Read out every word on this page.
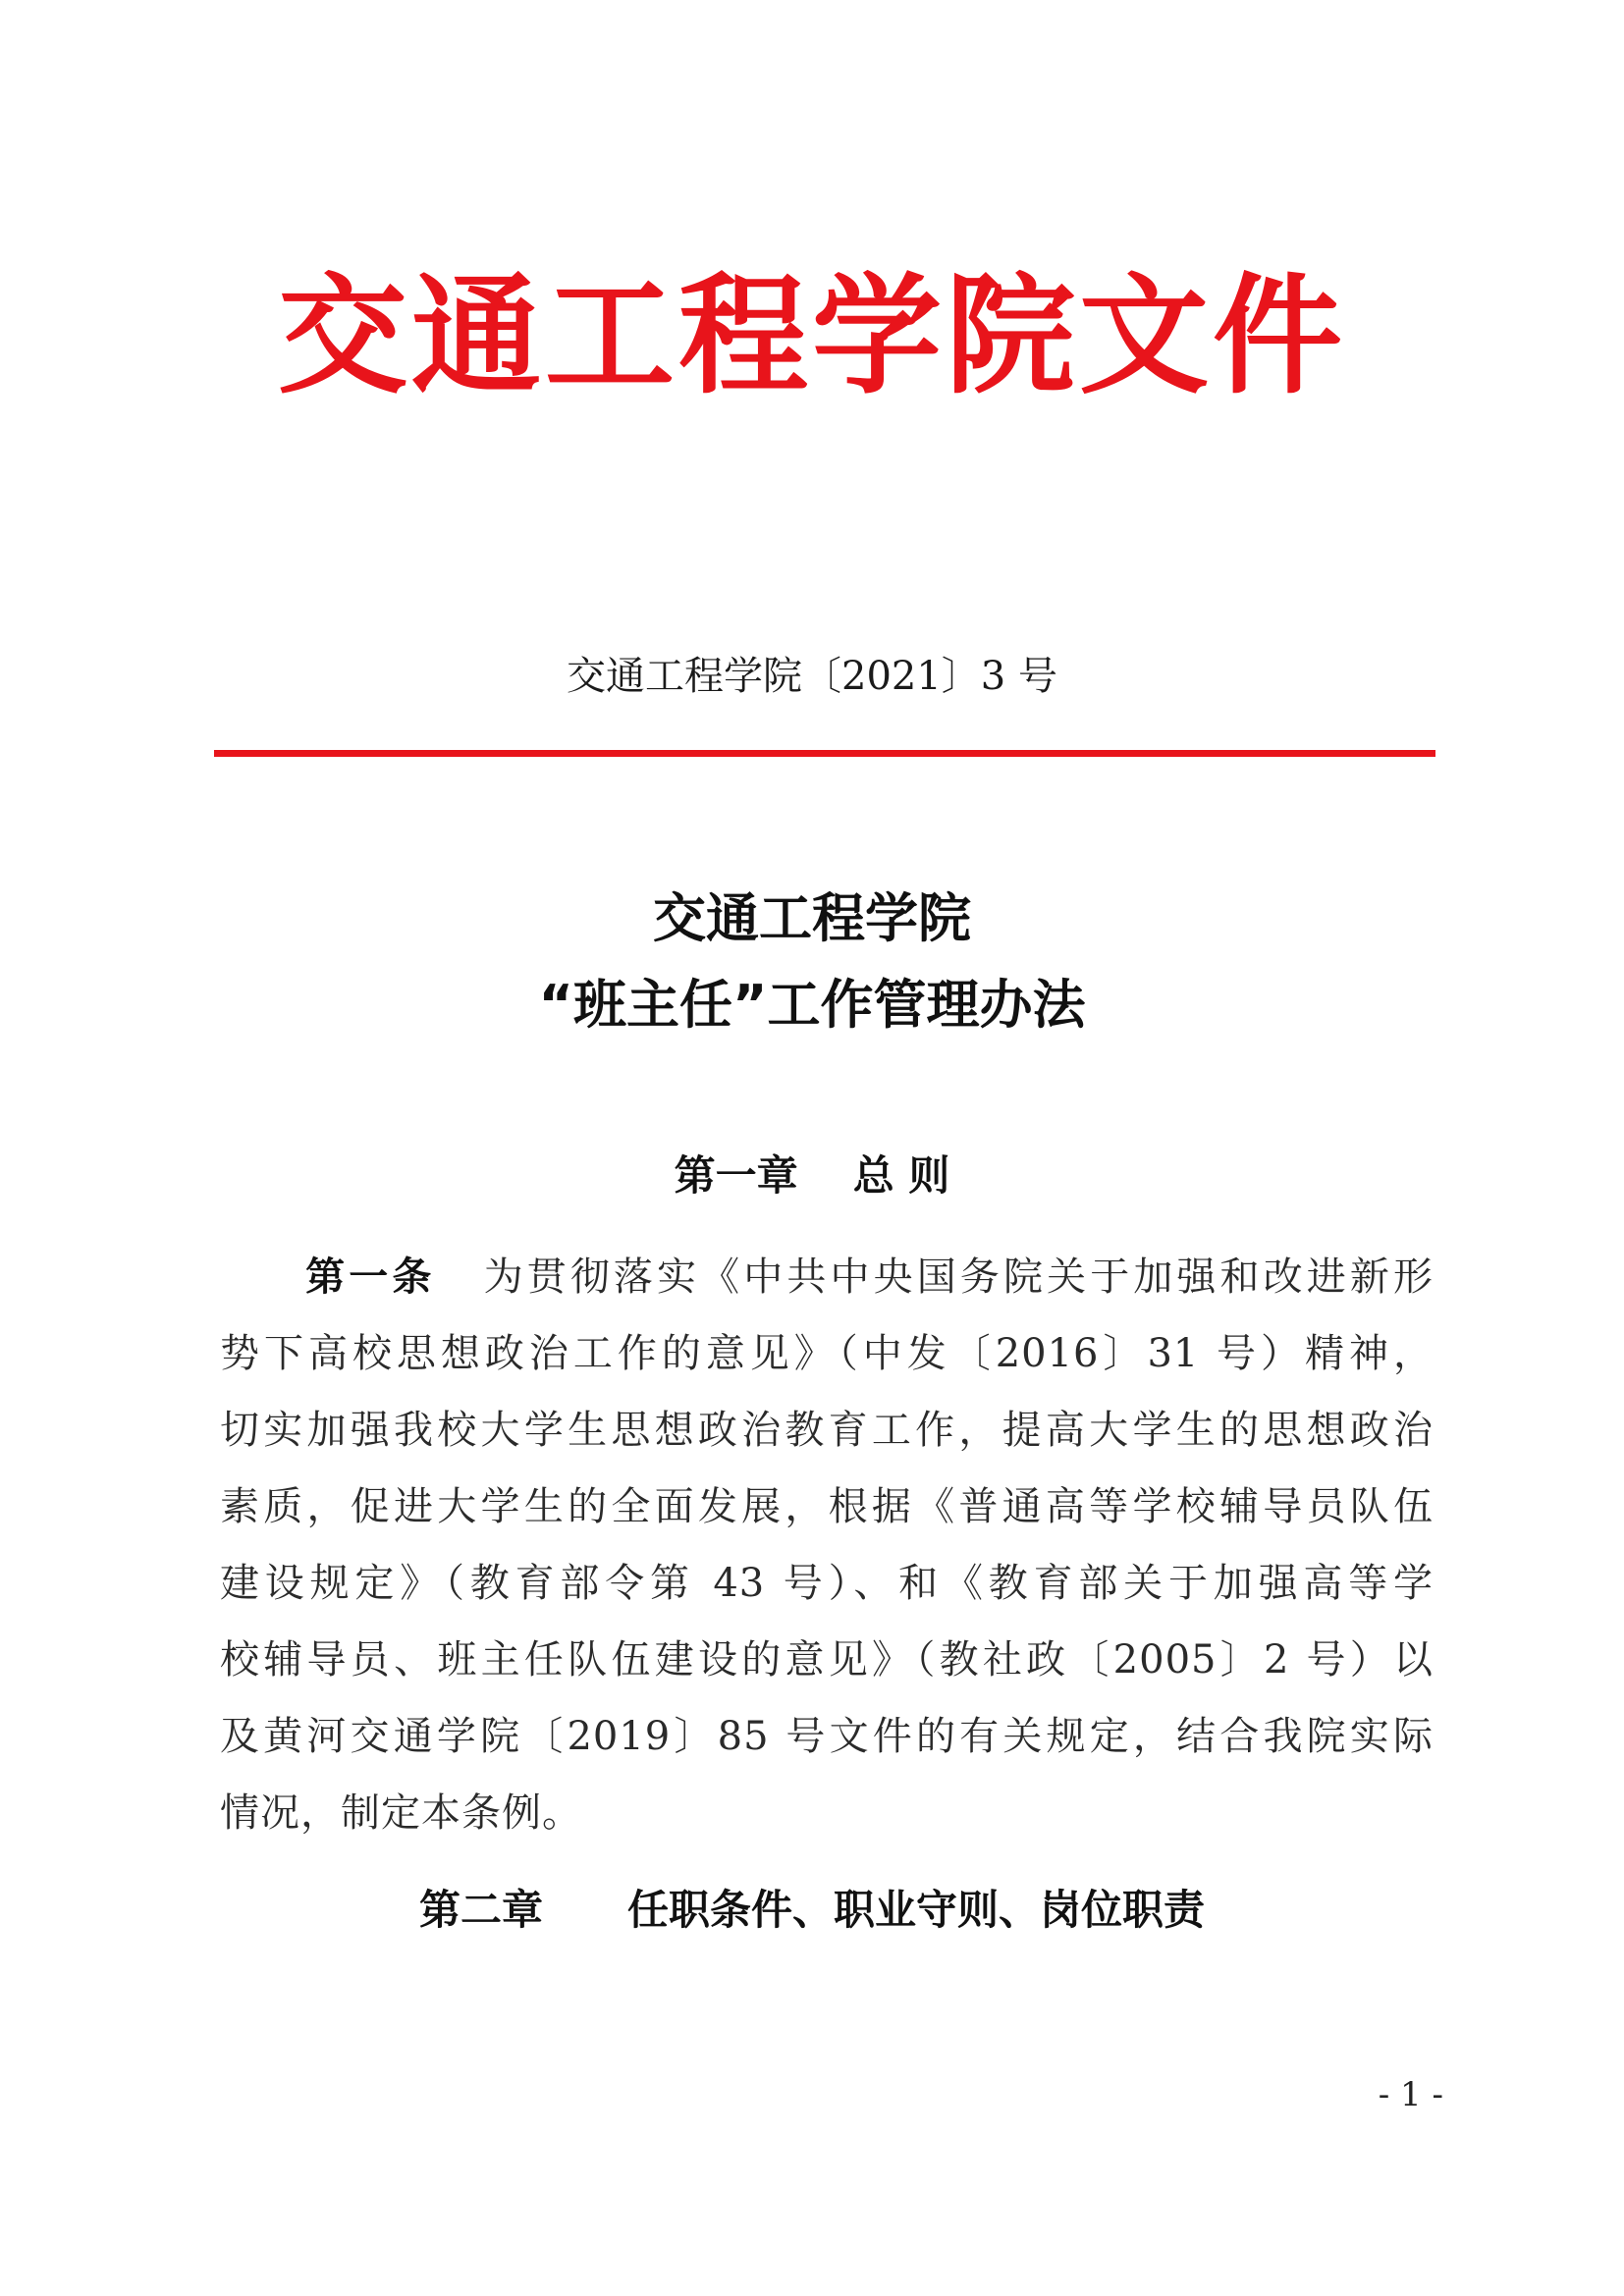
交通工程学院文件
交通工程学院〔2021〕3 号
交通工程学院
“班主任”工作管理办法
第一章 总 则
第一条 为贯彻落实《中共中央国务院关于加强和改进新形
势下高校思想政治工作的意见》（中发〔2016〕31 号）精神，
切实加强我校大学生思想政治教育工作，提高大学生的思想政治
素质，促进大学生的全面发展，根据《普通高等学校辅导员队伍
建设规定》（教育部令第 43 号）、和《教育部关于加强高等学
校辅导员、班主任队伍建设的意见》（教社政〔2005〕2 号）以
及黄河交通学院〔2019〕85 号文件的有关规定，结合我院实际
情况，制定本条例。
第二章 任职条件、职业守则、岗位职责
- 1 -
